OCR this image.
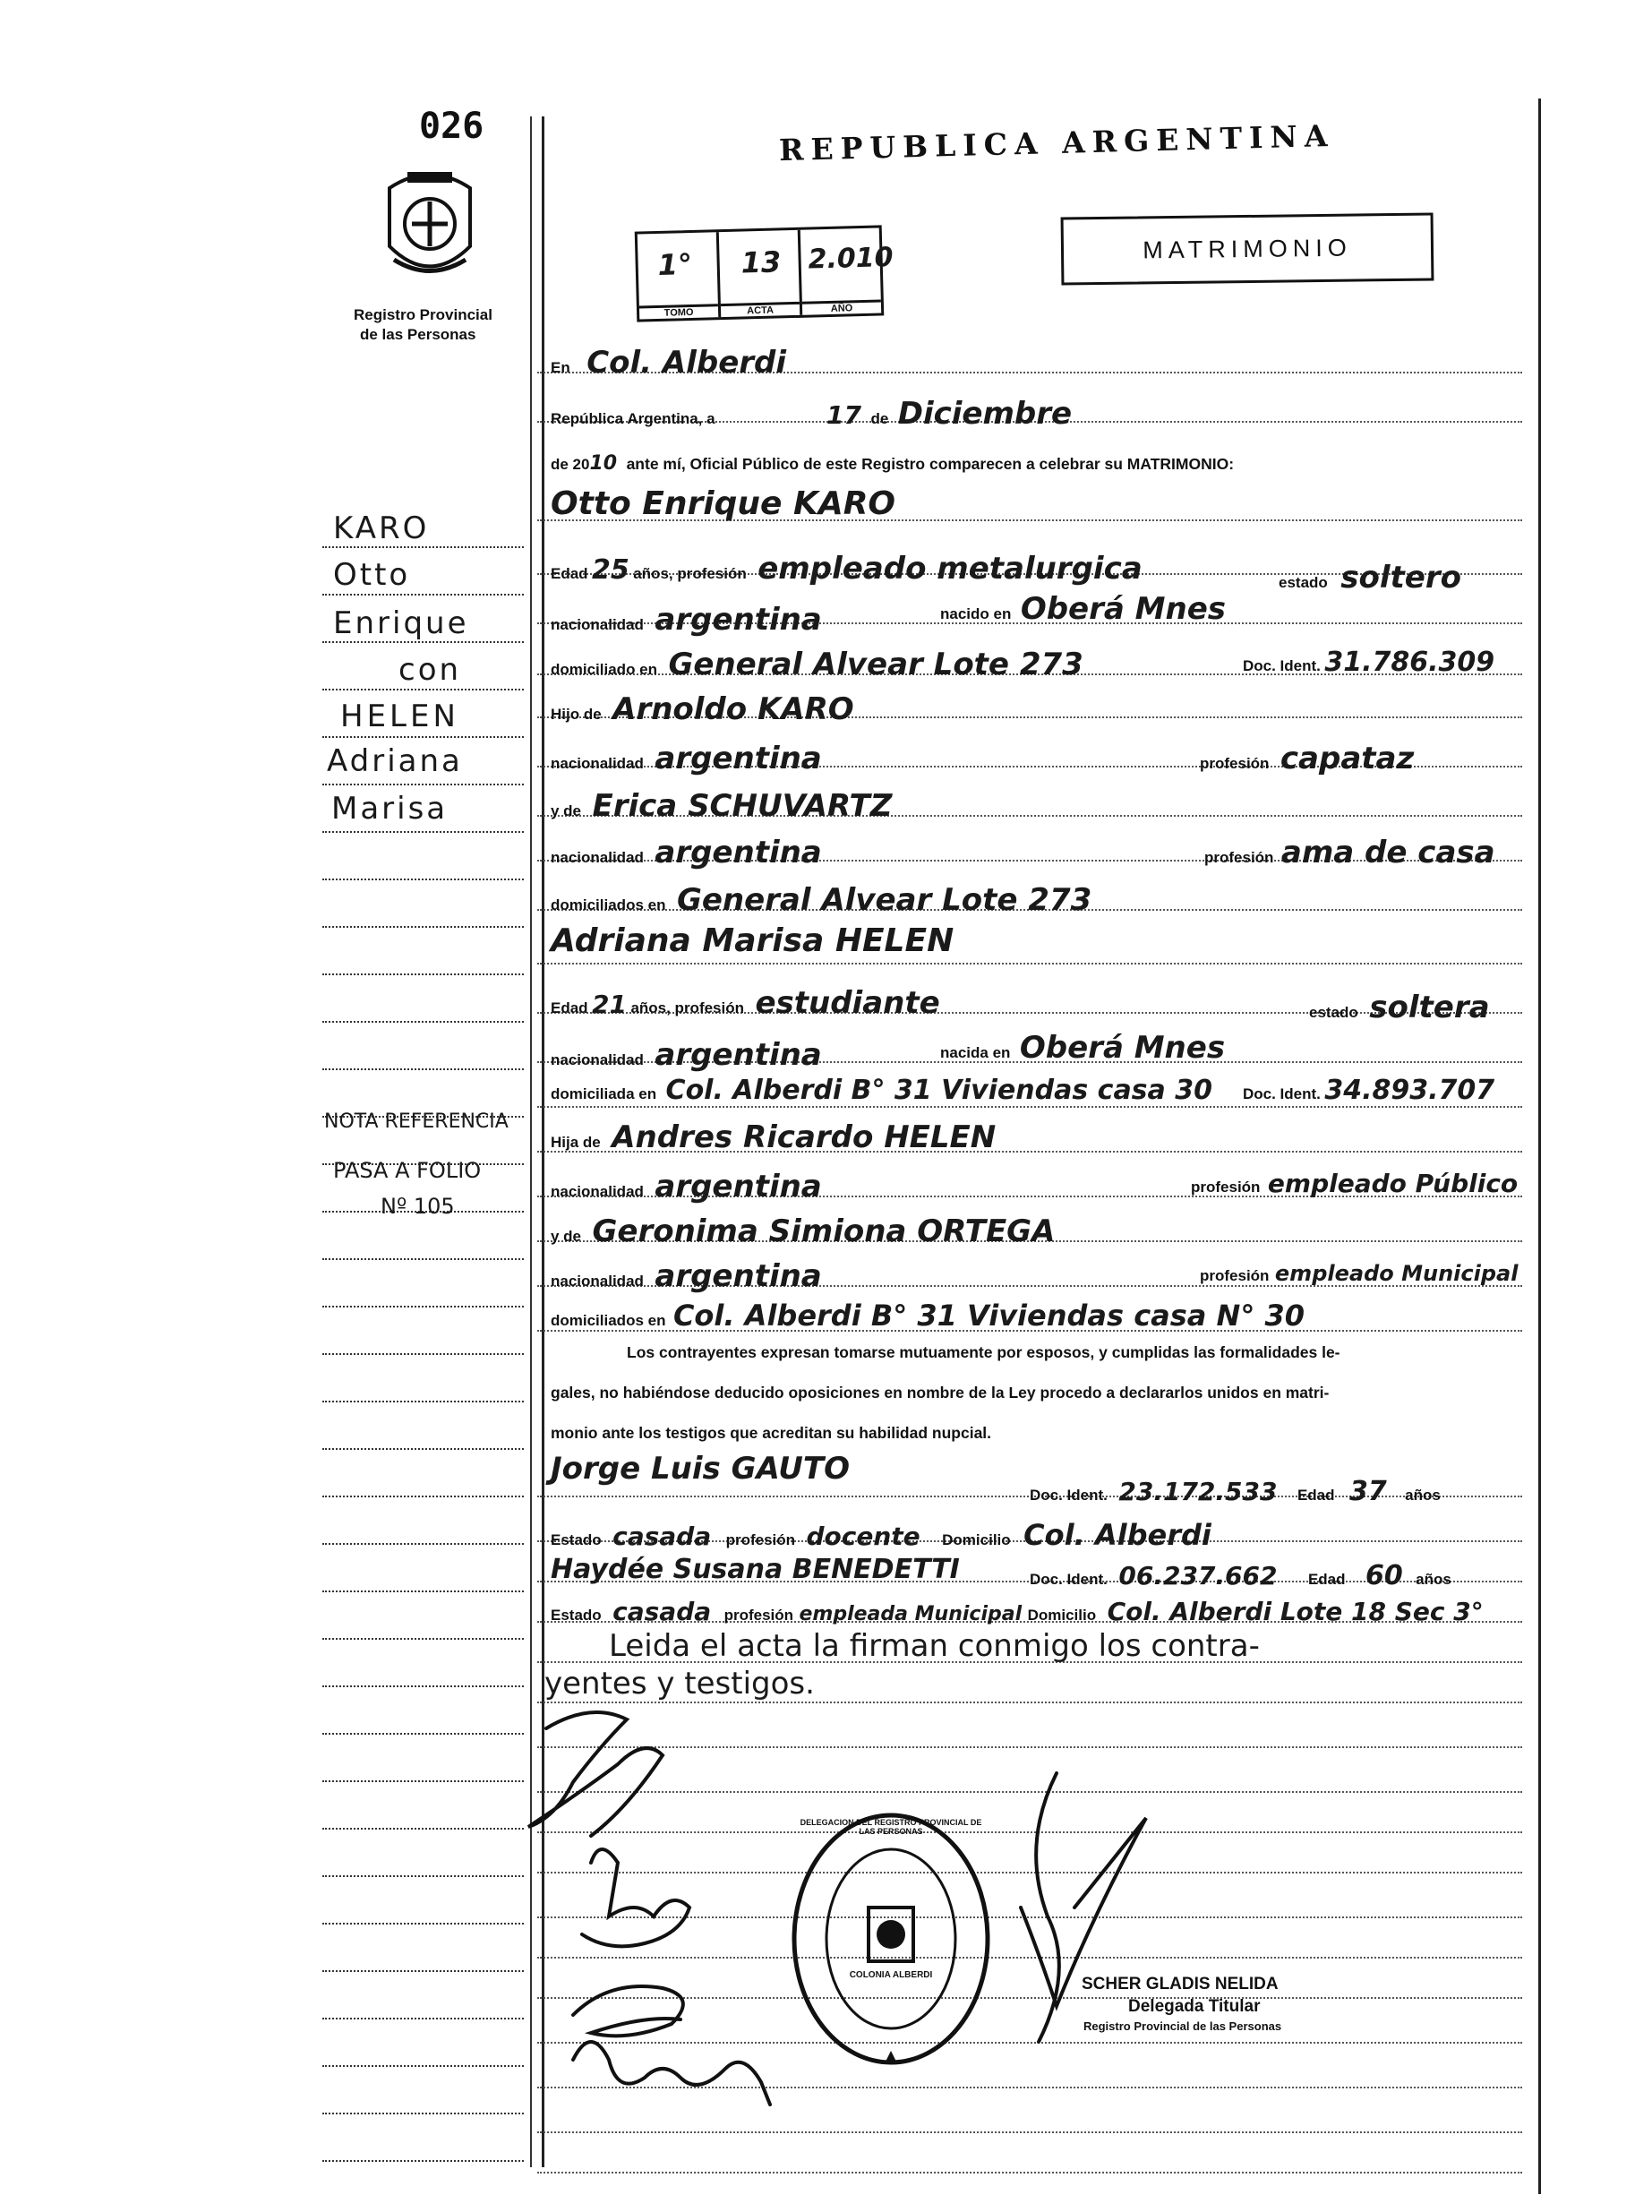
026
Registro Provincial
de las Personas
REPUBLICA ARGENTINA
MATRIMONIO
1°
TOMO
13
ACTA
2.010
AÑO
KARO
Otto
Enrique
con
HELEN
Adriana
Marisa
NOTA REFERENCIA
PASA A FOLIO
Nº 105
En Col. Alberdi
República Argentina, a	17 de Diciembre
de 2010 ante mí, Oficial Público de este Registro comparecen a celebrar su MATRIMONIO:
Otto Enrique KARO
Edad 25 años, profesión empleado metalurgica	estado soltero
nacionalidad argentina	nacido en Oberá Mnes
domiciliado en General Alvear Lote 273	Doc. Ident. 31.786.309
Hijo de Arnoldo KARO
nacionalidad argentina	profesión capataz
y de Erica SCHUVARTZ
nacionalidad argentina	profesión ama de casa
domiciliados en General Alvear Lote 273
Adriana Marisa HELEN
Edad 21 años, profesión estudiante	estado soltera
nacionalidad argentina	nacida en Oberá Mnes
domiciliada en Col. Alberdi B° 31 Viviendas casa 30 Doc. Ident. 34.893.707
Hija de Andres Ricardo HELEN
nacionalidad argentina	profesión empleado Público
y de Geronima Simiona ORTEGA
nacionalidad argentina	profesión empleado Municipal
domiciliados en Col. Alberdi B° 31 Viviendas casa N° 30
Los contrayentes expresan tomarse mutuamente por esposos, y cumplidas las formalidades le-
gales, no habiéndose deducido oposiciones en nombre de la Ley procedo a declararlos unidos en matri-
monio ante los testigos que acreditan su habilidad nupcial.
Jorge Luis GAUTO
Doc. Ident. 23.172.533 Edad 37 años
Estado casada profesión docente Domicilio Col. Alberdi
Haydée Susana BENEDETTI	Doc. Ident. 06.237.662 Edad 60 años
Estado casada profesión empleada Municipal Domicilio Col. Alberdi Lote 18 Sec 3°
Leida el acta la firman conmigo los contra-
yentes y testigos.
DELEGACION DEL REGISTRO PROVINCIAL DE LAS PERSONAS
COLONIA ALBERDI	SCHER GLADIS NELIDA
Delegada Titular
Registro Provincial de las Personas
